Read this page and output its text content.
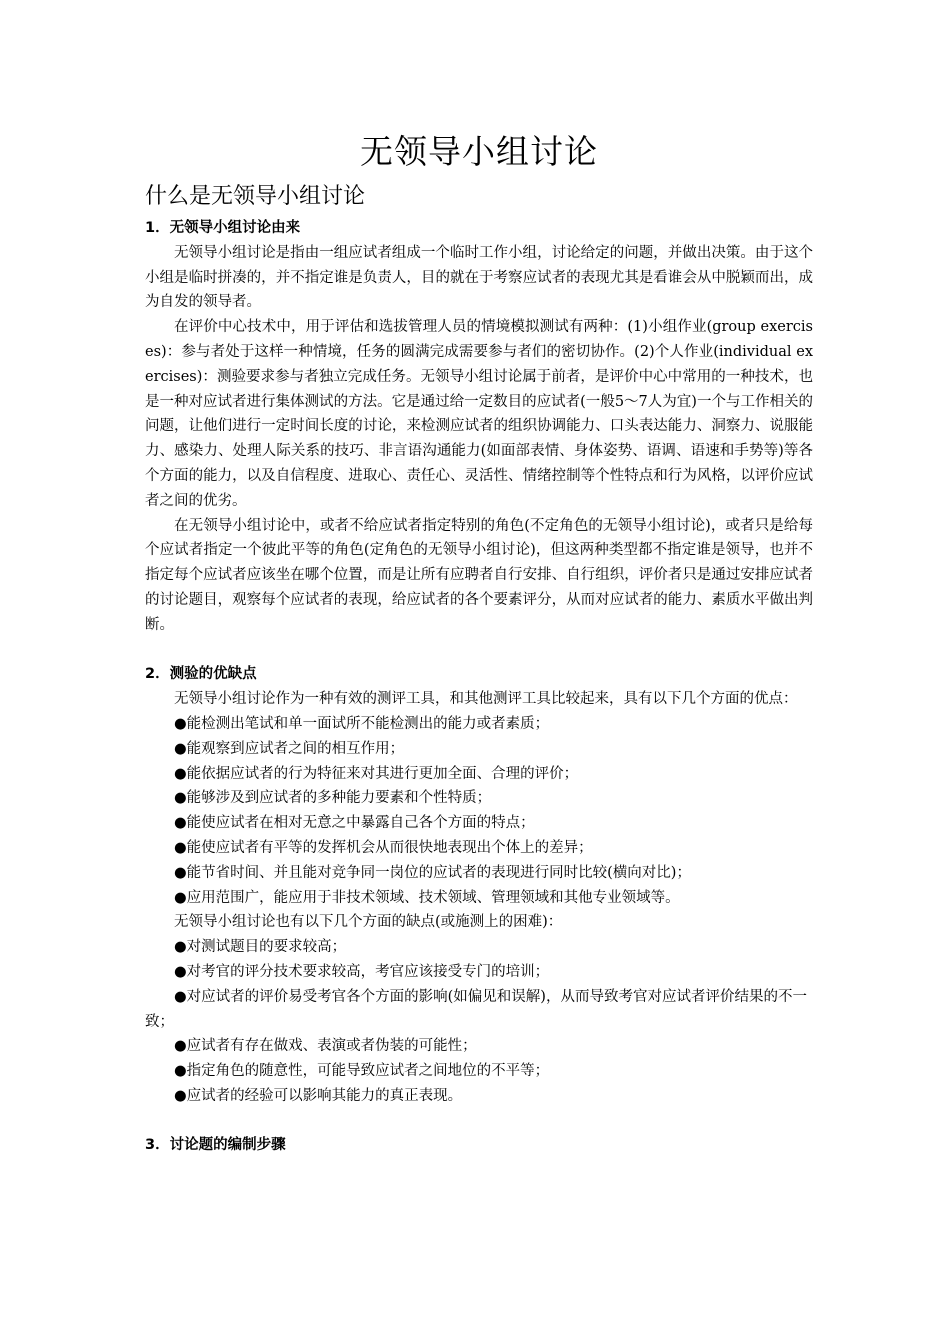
无领导小组讨论
什么是无领导小组讨论

1．无领导小组讨论由来

无领导小组讨论是指由一组应试者组成一个临时工作小组，讨论给定的问题，并做出决策。由于这个小组是临时拼凑的，并不指定谁是负责人，目的就在于考察应试者的表现尤其是看谁会从中脱颖而出，成为自发的领导者。

在评价中心技术中，用于评估和选拔管理人员的情境模拟测试有两种：(1)小组作业(group exercises)：参与者处于这样一种情境，任务的圆满完成需要参与者们的密切协作。(2)个人作业(individual exercises)：测验要求参与者独立完成任务。无领导小组讨论属于前者，是评价中心中常用的一种技术，也是一种对应试者进行集体测试的方法。它是通过给一定数目的应试者(一般5～7人为宜)一个与工作相关的问题，让他们进行一定时间长度的讨论，来检测应试者的组织协调能力、口头表达能力、洞察力、说服能力、感染力、处理人际关系的技巧、非言语沟通能力(如面部表情、身体姿势、语调、语速和手势等)等各个方面的能力，以及自信程度、进取心、责任心、灵活性、情绪控制等个性特点和行为风格，以评价应试者之间的优劣。

在无领导小组讨论中，或者不给应试者指定特别的角色(不定角色的无领导小组讨论)，或者只是给每个应试者指定一个彼此平等的角色(定角色的无领导小组讨论)，但这两种类型都不指定谁是领导，也并不指定每个应试者应该坐在哪个位置，而是让所有应聘者自行安排、自行组织，评价者只是通过安排应试者的讨论题目，观察每个应试者的表现，给应试者的各个要素评分，从而对应试者的能力、素质水平做出判断。

2．测验的优缺点

无领导小组讨论作为一种有效的测评工具，和其他测评工具比较起来，具有以下几个方面的优点：

●能检测出笔试和单一面试所不能检测出的能力或者素质；

●能观察到应试者之间的相互作用；

●能依据应试者的行为特征来对其进行更加全面、合理的评价；

●能够涉及到应试者的多种能力要素和个性特质；

●能使应试者在相对无意之中暴露自己各个方面的特点；

●能使应试者有平等的发挥机会从而很快地表现出个体上的差异；

●能节省时间、并且能对竞争同一岗位的应试者的表现进行同时比较(横向对比)；

●应用范围广，能应用于非技术领域、技术领域、管理领域和其他专业领域等。

无领导小组讨论也有以下几个方面的缺点(或施测上的困难)：

●对测试题目的要求较高；

●对考官的评分技术要求较高，考官应该接受专门的培训；

●对应试者的评价易受考官各个方面的影响(如偏见和误解)，从而导致考官对应试者评价结果的不一致；

●应试者有存在做戏、表演或者伪装的可能性；

●指定角色的随意性，可能导致应试者之间地位的不平等；

●应试者的经验可以影响其能力的真正表现。

3．讨论题的编制步骤
